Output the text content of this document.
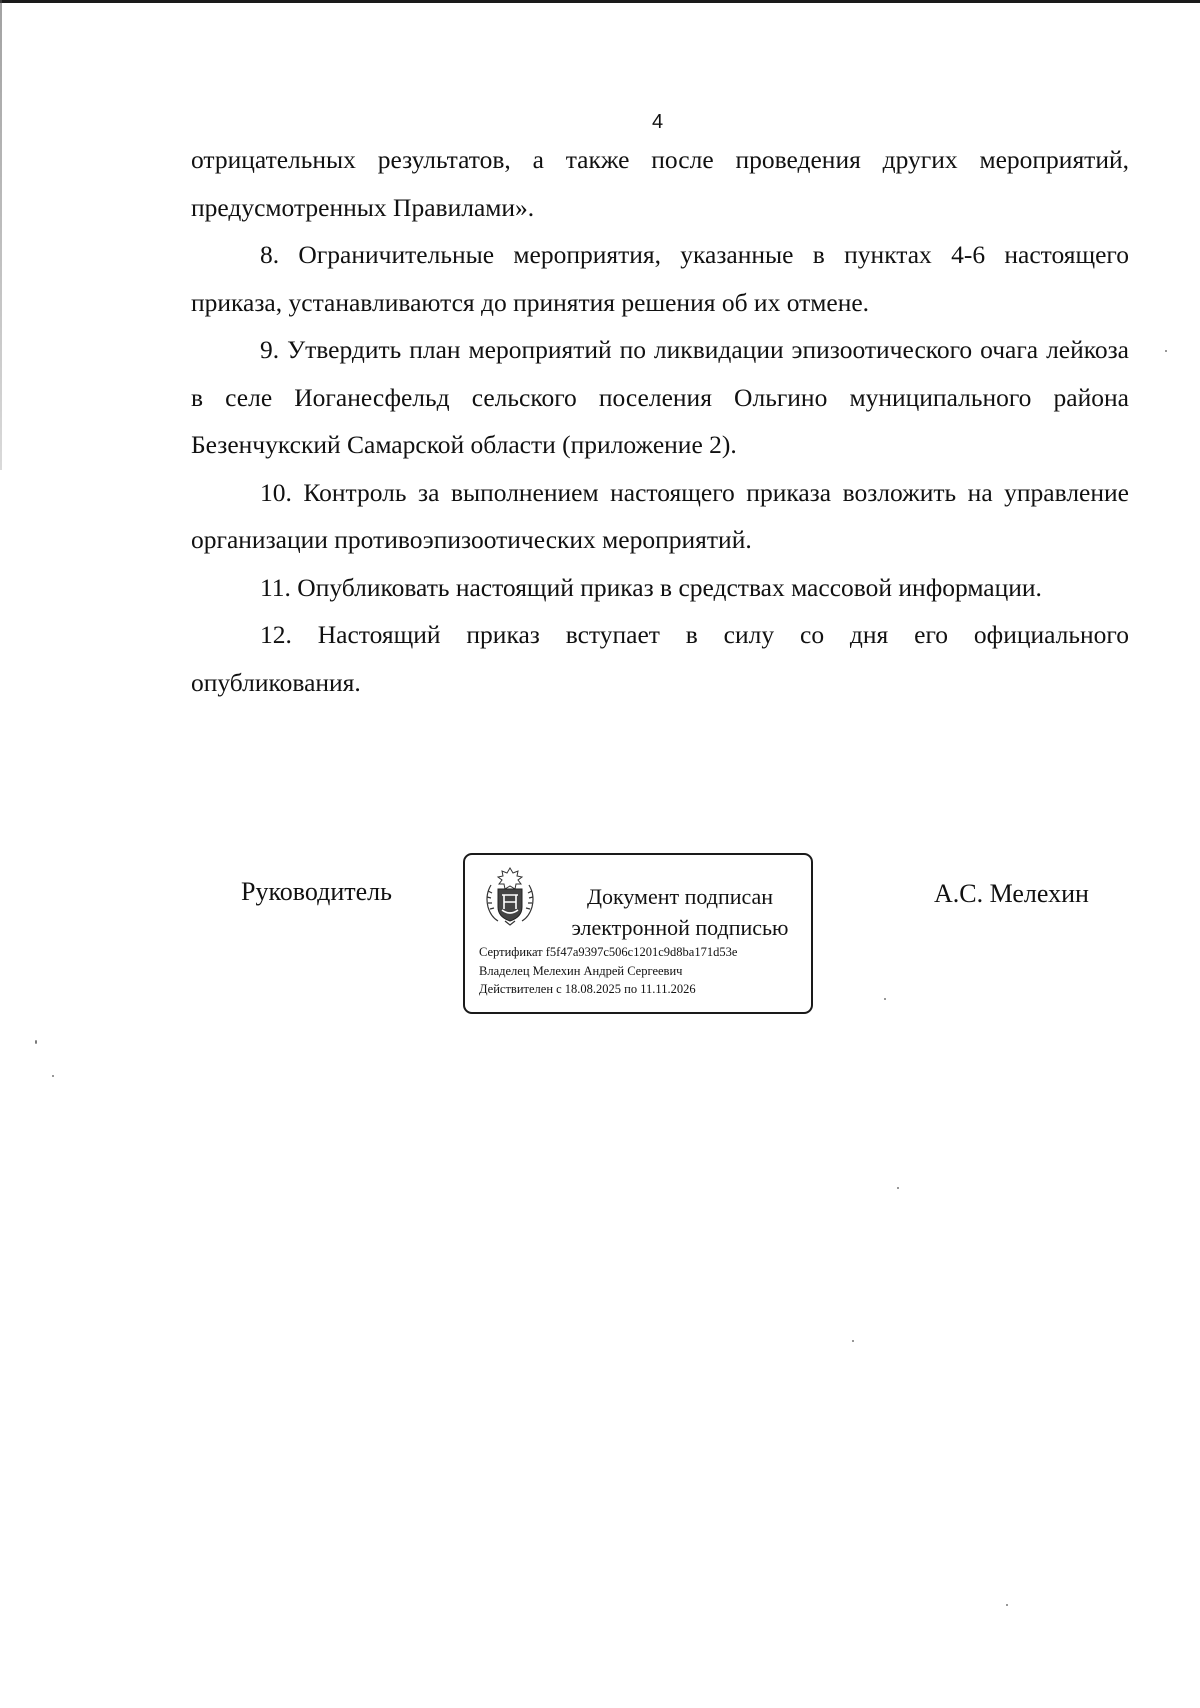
4

отрицательных результатов, а также после проведения других мероприятий, предусмотренных Правилами».

8. Ограничительные мероприятия, указанные в пунктах 4-6 настоящего приказа, устанавливаются до принятия решения об их отмене.

9. Утвердить план мероприятий по ликвидации эпизоотического очага лейкоза в селе Иоганесфельд сельского поселения Ольгино муниципального района Безенчукский Самарской области (приложение 2).

10. Контроль за выполнением настоящего приказа возложить на управление организации противоэпизоотических мероприятий.

11. Опубликовать настоящий приказ в средствах массовой информации.

12. Настоящий приказ вступает в силу со дня его официального опубликования.

Руководитель	Документ подписан
электронной подписью
Сертификат f5f47a9397c506c1201c9d8ba171d53e
Владелец Мелехин Андрей Сергеевич
Действителен с 18.08.2025 по 11.11.2026
А.С. Мелехин
